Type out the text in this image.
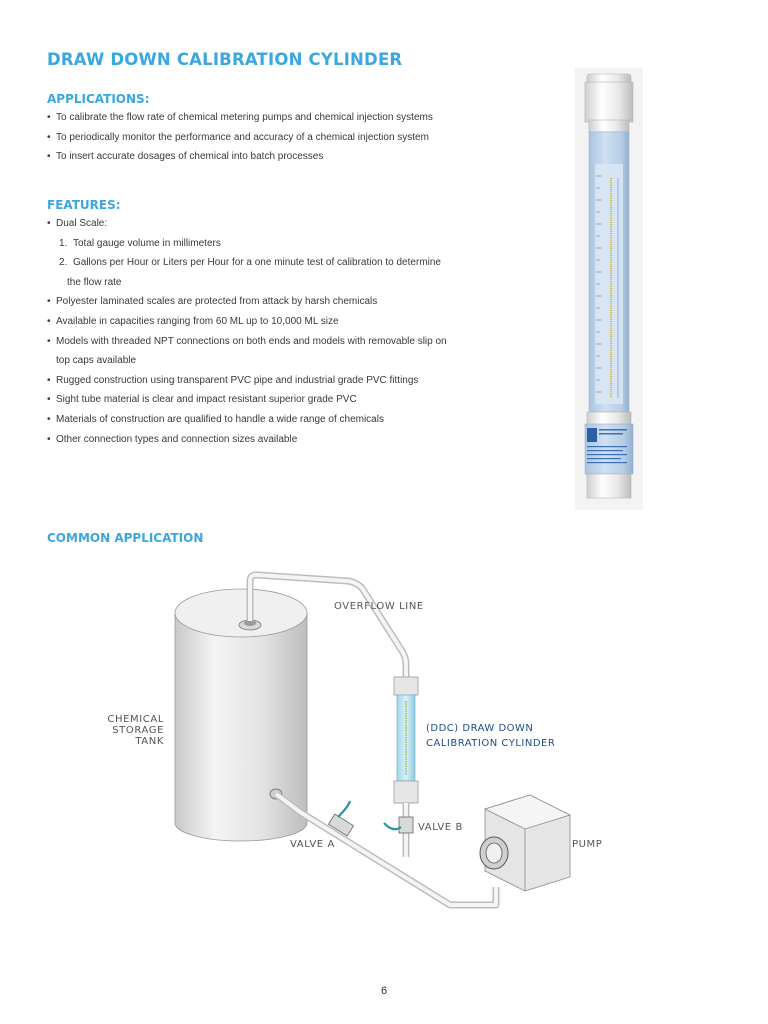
DRAW DOWN CALIBRATION CYLINDER
APPLICATIONS:
• To calibrate the flow rate of chemical metering pumps and chemical injection systems
• To periodically monitor the performance and accuracy of a chemical injection system
• To insert accurate dosages of chemical into batch processes
FEATURES:
• Dual Scale:
1. Total gauge volume in millimeters
2. Gallons per Hour or Liters per Hour for a one minute test of calibration to determine
the flow rate
• Polyester laminated scales are protected from attack by harsh chemicals
• Available in capacities ranging from 60 ML up to 10,000 ML size
• Models with threaded NPT connections on both ends and models with removable slip on
top caps available
• Rugged construction using transparent PVC pipe and industrial grade PVC fittings
• Sight tube material is clear and impact resistant superior grade PVC
• Materials of construction are qualified to handle a wide range of chemicals
• Other connection types and connection sizes available
COMMON APPLICATION
OVERFLOW LINE
CHEMICAL
STORAGE TANK
(DDC) DRAW DOWN
CALIBRATION CYLINDER
VALVE B
VALVE A	PUMP
6
